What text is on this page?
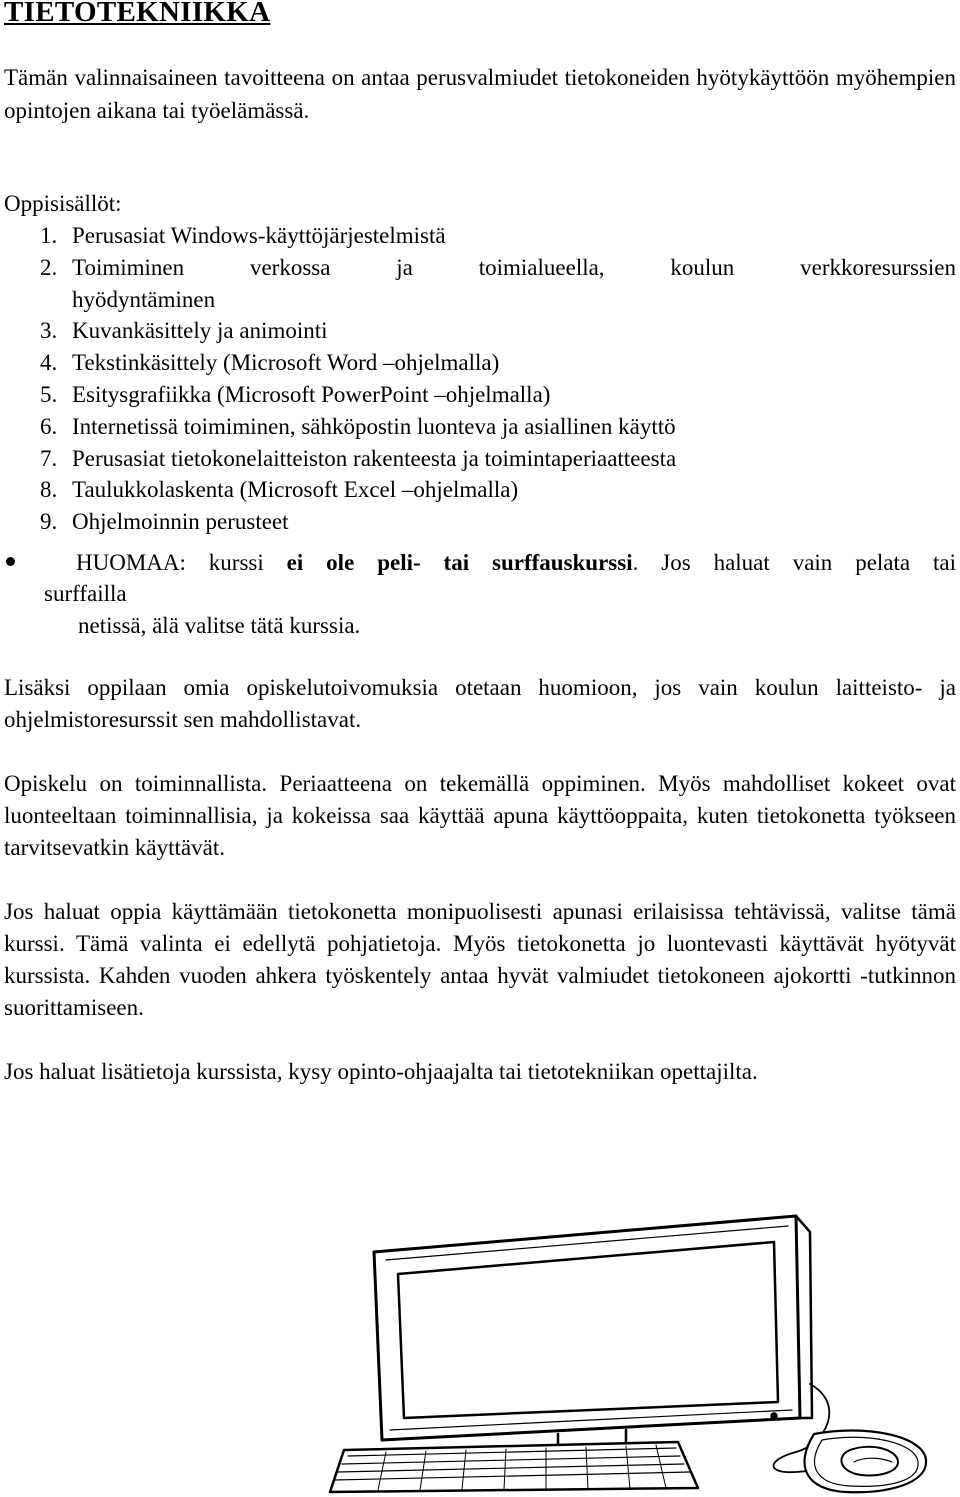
TIETOTEKNIIKKA
Tämän valinnaisaineen tavoitteena on antaa perusvalmiudet tietokoneiden hyötykäyttöön myöhempien opintojen aikana tai työelämässä.
Oppisisällöt:
1. Perusasiat Windows-käyttöjärjestelmistä
2. Toimiminen verkossa ja toimialueella, koulun verkkoresurssien
hyödyntäminen
3. Kuvankäsittely ja animointi
4. Tekstinkäsittely (Microsoft Word –ohjelmalla)
5. Esitysgrafiikka (Microsoft PowerPoint –ohjelmalla)
6. Internetissä toimiminen, sähköpostin luonteva ja asiallinen käyttö
7. Perusasiat tietokonelaitteiston rakenteesta ja toimintaperiaatteesta
8. Taulukkolaskenta (Microsoft Excel –ohjelmalla)
9. Ohjelmoinnin perusteet
HUOMAA: kurssi ei ole peli- tai surffauskurssi. Jos haluat vain pelata tai
surffailla
netissä, älä valitse tätä kurssia.
Lisäksi oppilaan omia opiskelutoivomuksia otetaan huomioon, jos vain koulun laitteisto- ja ohjelmistoresurssit sen mahdollistavat.
Opiskelu on toiminnallista. Periaatteena on tekemällä oppiminen. Myös mahdolliset kokeet ovat luonteeltaan toiminnallisia, ja kokeissa saa käyttää apuna käyttöoppaita, kuten tietokonetta työkseen tarvitsevatkin käyttävät.
Jos haluat oppia käyttämään tietokonetta monipuolisesti apunasi erilaisissa tehtävissä, valitse tämä kurssi. Tämä valinta ei edellytä pohjatietoja. Myös tietokonetta jo luontevasti käyttävät hyötyvät kurssista. Kahden vuoden ahkera työskentely antaa hyvät valmiudet tietokoneen ajokortti -tutkinnon suorittamiseen.
Jos haluat lisätietoja kurssista, kysy opinto-ohjaajalta tai tietotekniikan opettajilta.
